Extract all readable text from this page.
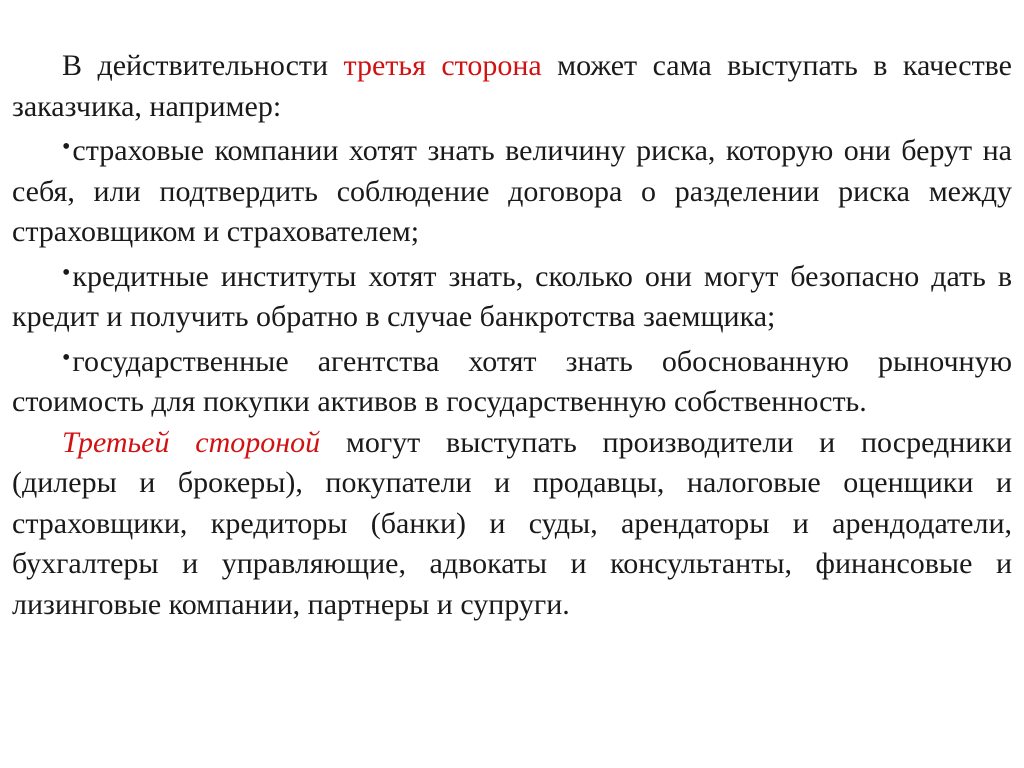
В действительности третья сторона может сама выступать в качестве заказчика, например:

•страховые компании хотят знать величину риска, которую они берут на себя, или подтвердить соблюдение договора о разделении риска между страховщиком и страхователем;

•кредитные институты хотят знать, сколько они могут безопасно дать в кредит и получить обратно в случае банкротства заемщика;

•государственные агентства хотят знать обоснованную рыночную стоимость для покупки активов в государственную собственность.

Третьей стороной могут выступать производители и посредники (дилеры и брокеры), покупатели и продавцы, налоговые оценщики и страховщики, кредиторы (банки) и суды, арендаторы и арендодатели, бухгалтеры и управляющие, адвокаты и консультанты, финансовые и лизинговые компании, партнеры и супруги.
